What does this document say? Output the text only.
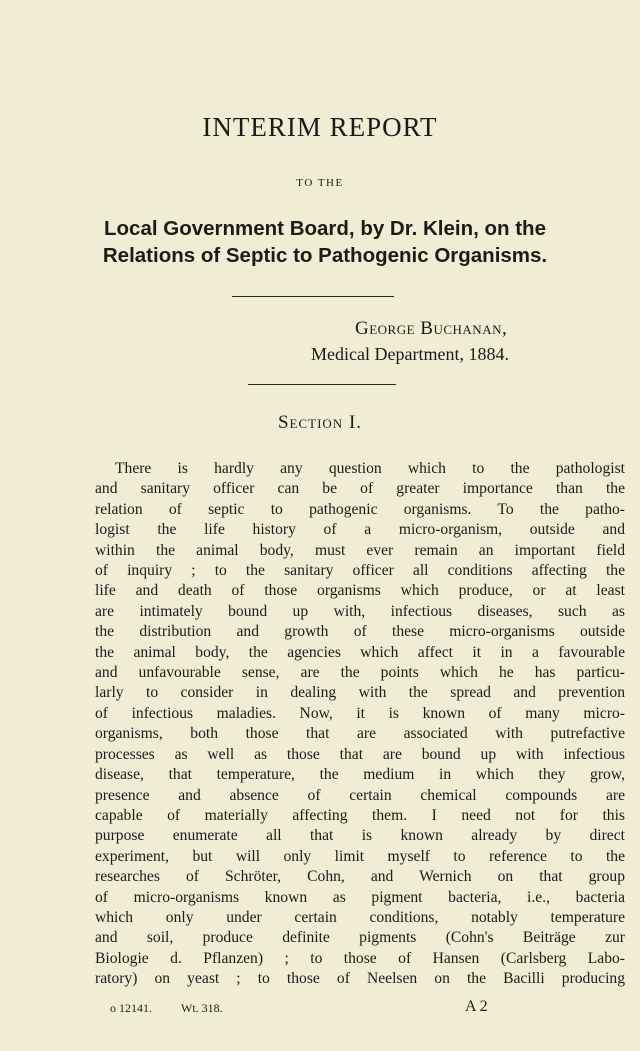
INTERIM REPORT
TO THE
Local Government Board, by Dr. Klein, on the
Relations of Septic to Pathogenic Organisms.
George Buchanan,
Medical Department, 1884.
Section I.
There is hardly any question which to the pathologist
and sanitary officer can be of greater importance than the
relation of septic to pathogenic organisms. To the patho-
logist the life history of a micro-organism, outside and
within the animal body, must ever remain an important field
of inquiry ; to the sanitary officer all conditions affecting the
life and death of those organisms which produce, or at least
are intimately bound up with, infectious diseases, such as
the distribution and growth of these micro-organisms outside
the animal body, the agencies which affect it in a favourable
and unfavourable sense, are the points which he has particu-
larly to consider in dealing with the spread and prevention
of infectious maladies. Now, it is known of many micro-
organisms, both those that are associated with putrefactive
processes as well as those that are bound up with infectious
disease, that temperature, the medium in which they grow,
presence and absence of certain chemical compounds are
capable of materially affecting them. I need not for this
purpose enumerate all that is known already by direct
experiment, but will only limit myself to reference to the
researches of Schröter, Cohn, and Wernich on that group
of micro-organisms known as pigment bacteria, i.e., bacteria
which only under certain conditions, notably temperature
and soil, produce definite pigments (Cohn's Beiträge zur
Biologie d. Pflanzen) ; to those of Hansen (Carlsberg Labo-
ratory) on yeast ; to those of Neelsen on the Bacilli producing
o 12141. Wt. 318.	A 2
